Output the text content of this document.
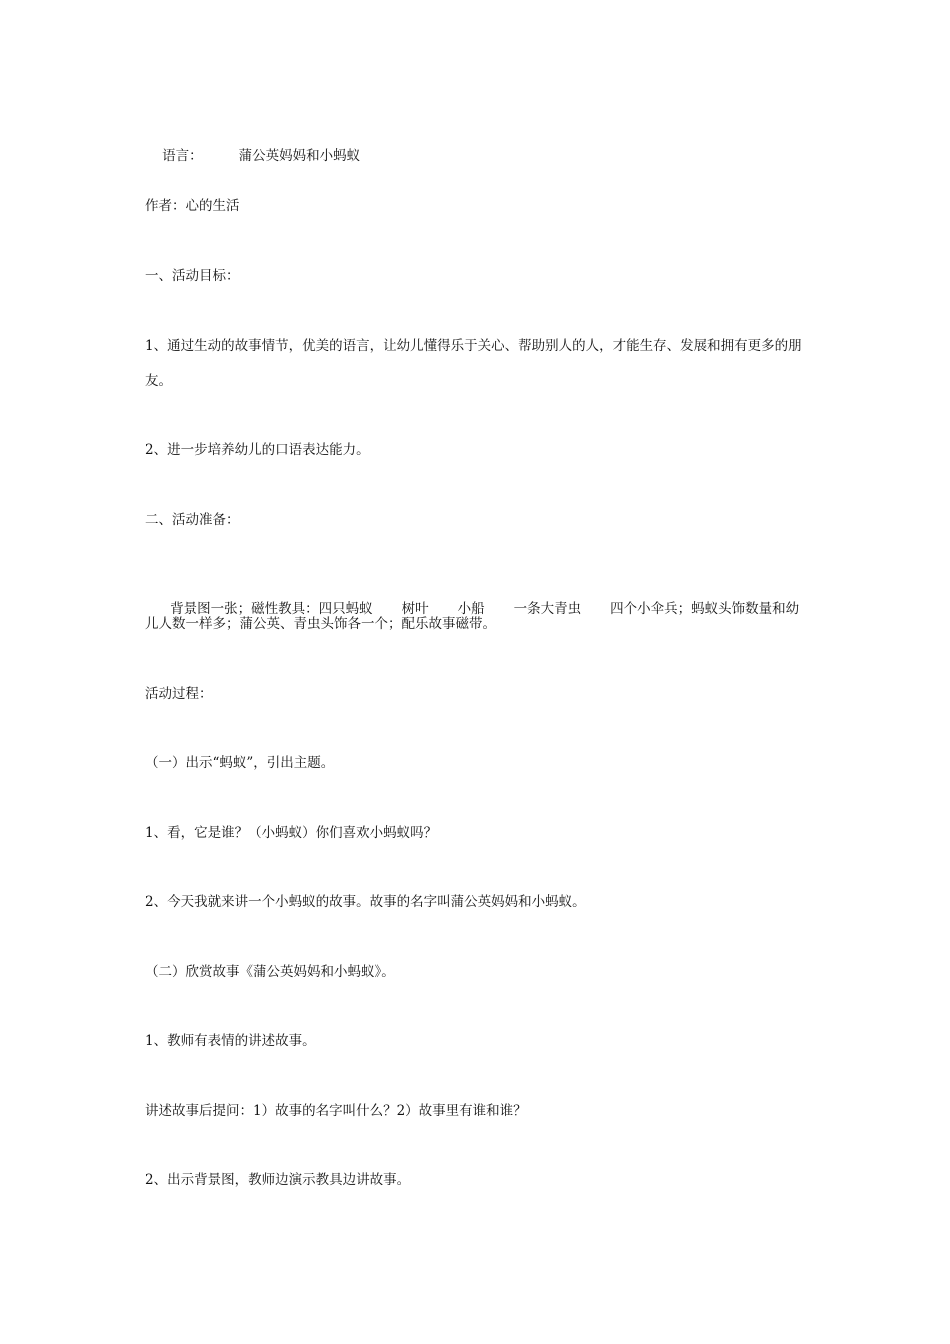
语言：	蒲公英妈妈和小蚂蚁

作者：心的生活
一、活动目标：
1、通过生动的故事情节，优美的语言，让幼儿懂得乐于关心、帮助别人的人，才能生存、发展和拥有更多的朋
友。
2、进一步培养幼儿的口语表达能力。
二、活动准备：

背景图一张；磁性教具：四只蚂蚁 树叶 小船 一条大青虫 四个小伞兵；蚂蚁头饰数量和幼

儿人数一样多；蒲公英、青虫头饰各一个；配乐故事磁带。
活动过程：
（一）出示“蚂蚁”，引出主题。
1、看，它是谁？（小蚂蚁）你们喜欢小蚂蚁吗？
2、今天我就来讲一个小蚂蚁的故事。故事的名字叫蒲公英妈妈和小蚂蚁。
（二）欣赏故事《蒲公英妈妈和小蚂蚁》。
1、教师有表情的讲述故事。
讲述故事后提问：1）故事的名字叫什么？2）故事里有谁和谁？
2、出示背景图，教师边演示教具边讲故事。
